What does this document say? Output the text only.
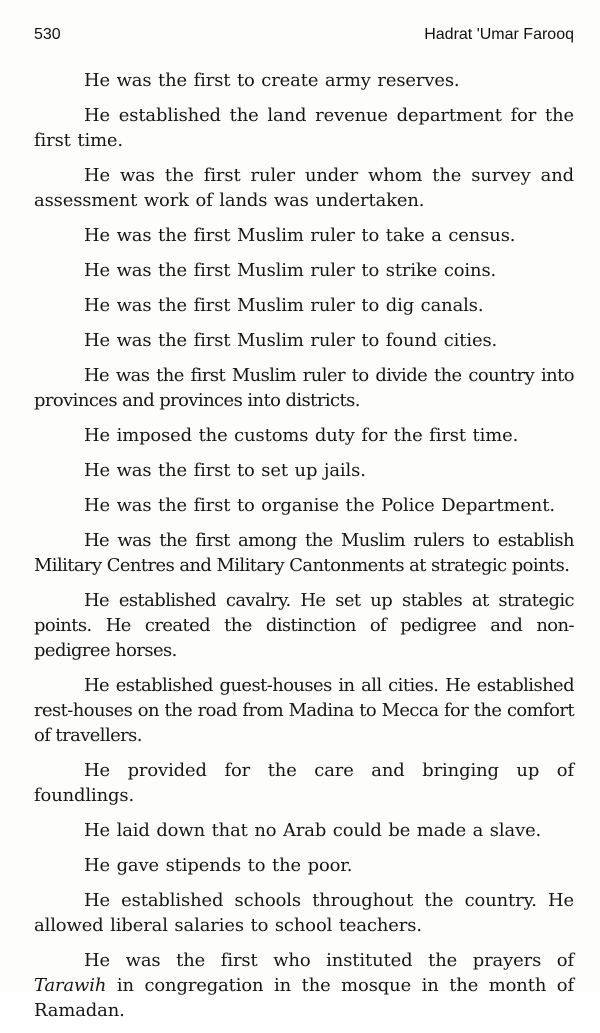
530	Hadrat 'Umar Farooq

He was the first to create army reserves.

He established the land revenue department for the first time.

He was the first ruler under whom the survey and assessment work of lands was undertaken.

He was the first Muslim ruler to take a census.

He was the first Muslim ruler to strike coins.

He was the first Muslim ruler to dig canals.

He was the first Muslim ruler to found cities.

He was the first Muslim ruler to divide the country into provinces and provinces into districts.

He imposed the customs duty for the first time.

He was the first to set up jails.

He was the first to organise the Police Department.

He was the first among the Muslim rulers to establish Military Centres and Military Cantonments at strategic points.

He established cavalry. He set up stables at strategic points. He created the distinction of pedigree and non-pedigree horses.

He established guest-houses in all cities. He established rest-houses on the road from Madina to Mecca for the comfort of travellers.

He provided for the care and bringing up of foundlings.

He laid down that no Arab could be made a slave.

He gave stipends to the poor.

He established schools throughout the country. He allowed liberal salaries to school teachers.

He was the first who instituted the prayers of Tarawih in congregation in the mosque in the month of Ramadan.
